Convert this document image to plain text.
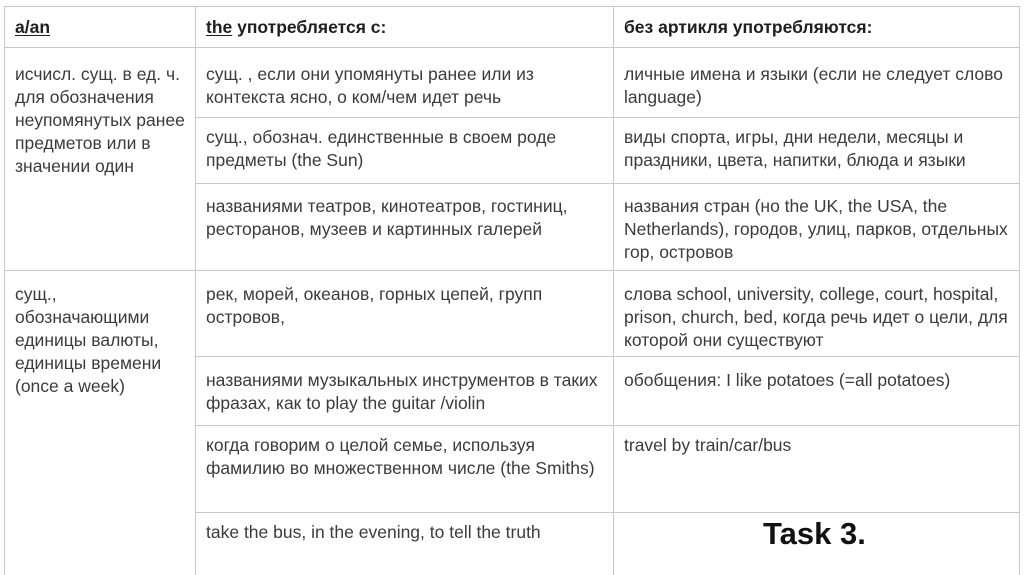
a/an	the употребляется с:	без артикля употребляются:
исчисл. сущ. в ед. ч. для обозначения неупомянутых ранее предметов или в значении один
сущ., обозначающими единицы валюты, единицы времени (once a week)
сущ. , если они упомянуты ранее или из контекста ясно, о ком/чем идет речь
сущ., обознач. единственные в своем роде предметы (the Sun)
названиями театров, кинотеатров, гостиниц, ресторанов, музеев и картинных галерей
рек, морей, океанов, горных цепей, групп островов,
названиями музыкальных инструментов в таких фразах, как to play the guitar /violin
когда говорим о целой семье, используя фамилию во множественном числе (the Smiths)
take the bus, in the evening, to tell the truth
личные имена и языки (если не следует слово language)
виды спорта, игры, дни недели, месяцы и праздники, цвета, напитки, блюда и языки
названия стран (но the UK, the USA, the Netherlands), городов, улиц, парков, отдельных гор, островов
слова school, university, college, court, hospital, prison, church, bed, когда речь идет о цели, для которой они существуют
обобщения: I like potatoes (=all potatoes)
travel by train/car/bus
Task 3.
